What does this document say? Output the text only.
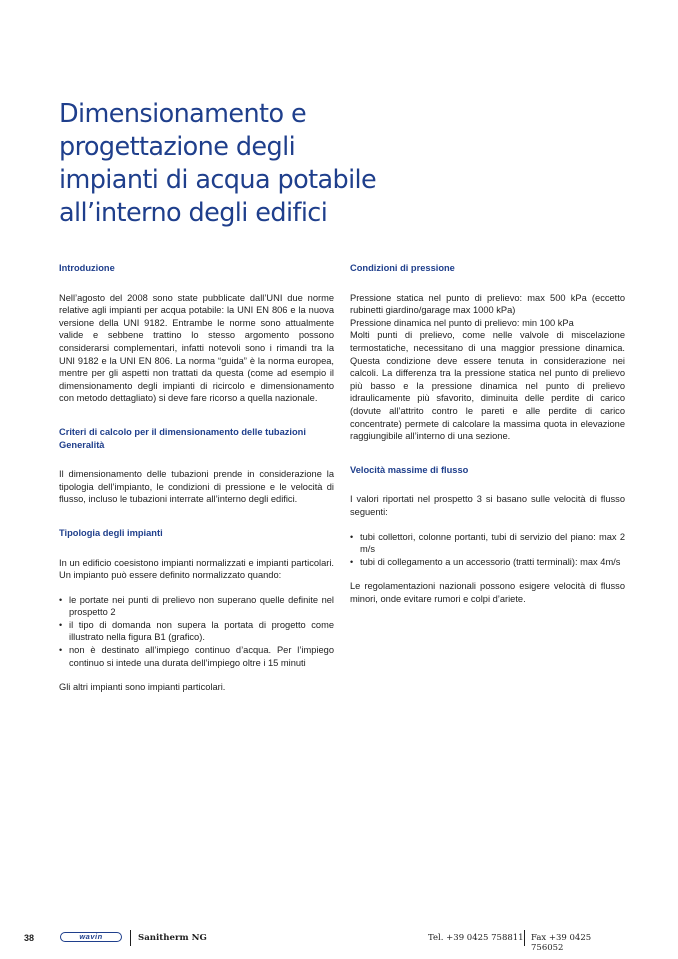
Dimensionamento e
progettazione degli
impianti di acqua potabile
all’interno degli edifici
Introduzione

Nell’agosto del 2008 sono state pubblicate dall’UNI due norme relative agli impianti per acqua potabile: la UNI EN 806 e la nuova versione della UNI 9182. Entrambe le norme sono attualmente valide e sebbene trattino lo stesso argomento possono considerarsi complementari, infatti notevoli sono i rimandi tra la UNI 9182 e la UNI EN 806. La norma “guida” è la norma europea, mentre per gli aspetti non trattati da questa (come ad esempio il dimensionamento degli impianti di ricircolo e dimensionamento con metodo dettagliato) si deve fare ricorso a quella nazionale.

Criteri di calcolo per il dimensionamento delle tubazioni
Generalità

Il dimensionamento delle tubazioni prende in considerazione la tipologia dell’impianto, le condizioni di pressione e le velocità di flusso, incluso le tubazioni interrate all’interno degli edifici.

Tipologia degli impianti

In un edificio coesistono impianti normalizzati e impianti particolari. Un impianto può essere definito normalizzato quando:

• le portate nei punti di prelievo non superano quelle definite nel prospetto 2
• il tipo di domanda non supera la portata di progetto come illustrato nella figura B1 (grafico).
• non è destinato all’impiego continuo d’acqua. Per l’impiego continuo si intede una durata dell’impiego oltre i 15 minuti

Gli altri impianti sono impianti particolari.

Condizioni di pressione

Pressione statica nel punto di prelievo: max 500 kPa (eccetto rubinetti giardino/garage max 1000 kPa)

Pressione dinamica nel punto di prelievo: min 100 kPa

Molti punti di prelievo, come nelle valvole di miscelazione termostatiche, necessitano di una maggior pressione dinamica. Questa condizione deve essere tenuta in considerazione nei calcoli. La differenza tra la pressione statica nel punto di prelievo più basso e la pressione dinamica nel punto di prelievo idraulicamente più sfavorito, diminuita delle perdite di carico (dovute all’attrito contro le pareti e alle perdite di carico concentrate) permete di calcolare la massima quota in elevazione raggiungibile all’interno di una sezione.

Velocità massime di flusso

I valori riportati nel prospetto 3 si basano sulle velocità di flusso seguenti:

• tubi collettori, colonne portanti, tubi di servizio del piano: max 2 m/s
• tubi di collegamento a un accessorio (tratti terminali): max 4m/s

Le regolamentazioni nazionali possono esigere velocità di flusso minori, onde evitare rumori e colpi d’ariete.

38	wavin	Sanitherm NG	Tel. +39 0425 758811 Fax +39 0425 756052
